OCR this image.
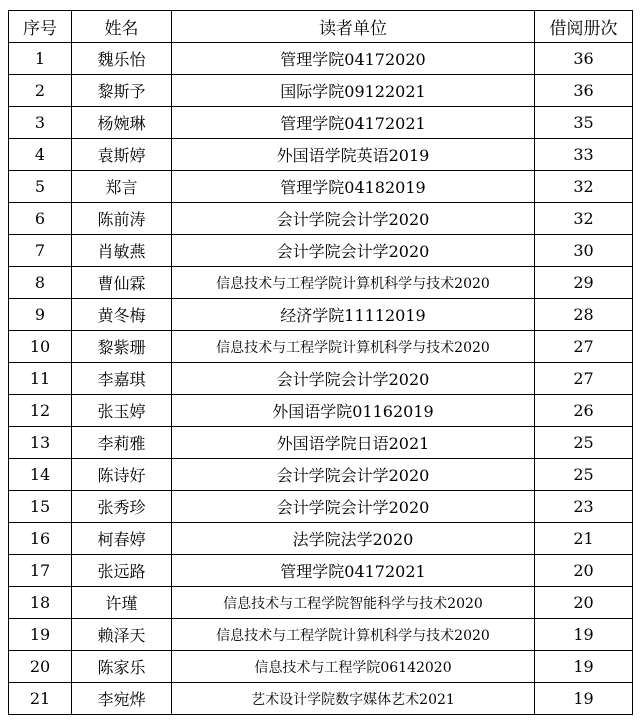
序号	姓名	读者单位	借阅册次
1	魏乐怡	管理学院04172020	36
2	黎斯予	国际学院09122021	36
3	杨婉琳	管理学院04172021	35
4	袁斯婷	外国语学院英语2019	33
5	郑言	管理学院04182019	32
6	陈前涛	会计学院会计学2020	32
7	肖敏燕	会计学院会计学2020	30
8	曹仙霖	信息技术与工程学院计算机科学与技术2020	29
9	黄冬梅	经济学院11112019	28
10	黎紫珊	信息技术与工程学院计算机科学与技术2020	27
11	李嘉琪	会计学院会计学2020	27
12	张玉婷	外国语学院01162019	26
13	李莉雅	外国语学院日语2021	25
14	陈诗好	会计学院会计学2020	25
15	张秀珍	会计学院会计学2020	23
16	柯春婷	法学院法学2020	21
17	张远路	管理学院04172021	20
18	许瑾	信息技术与工程学院智能科学与技术2020	20
19	赖泽天	信息技术与工程学院计算机科学与技术2020	19
20	陈家乐	信息技术与工程学院06142020	19
21	李宛烨	艺术设计学院数字媒体艺术2021	19
